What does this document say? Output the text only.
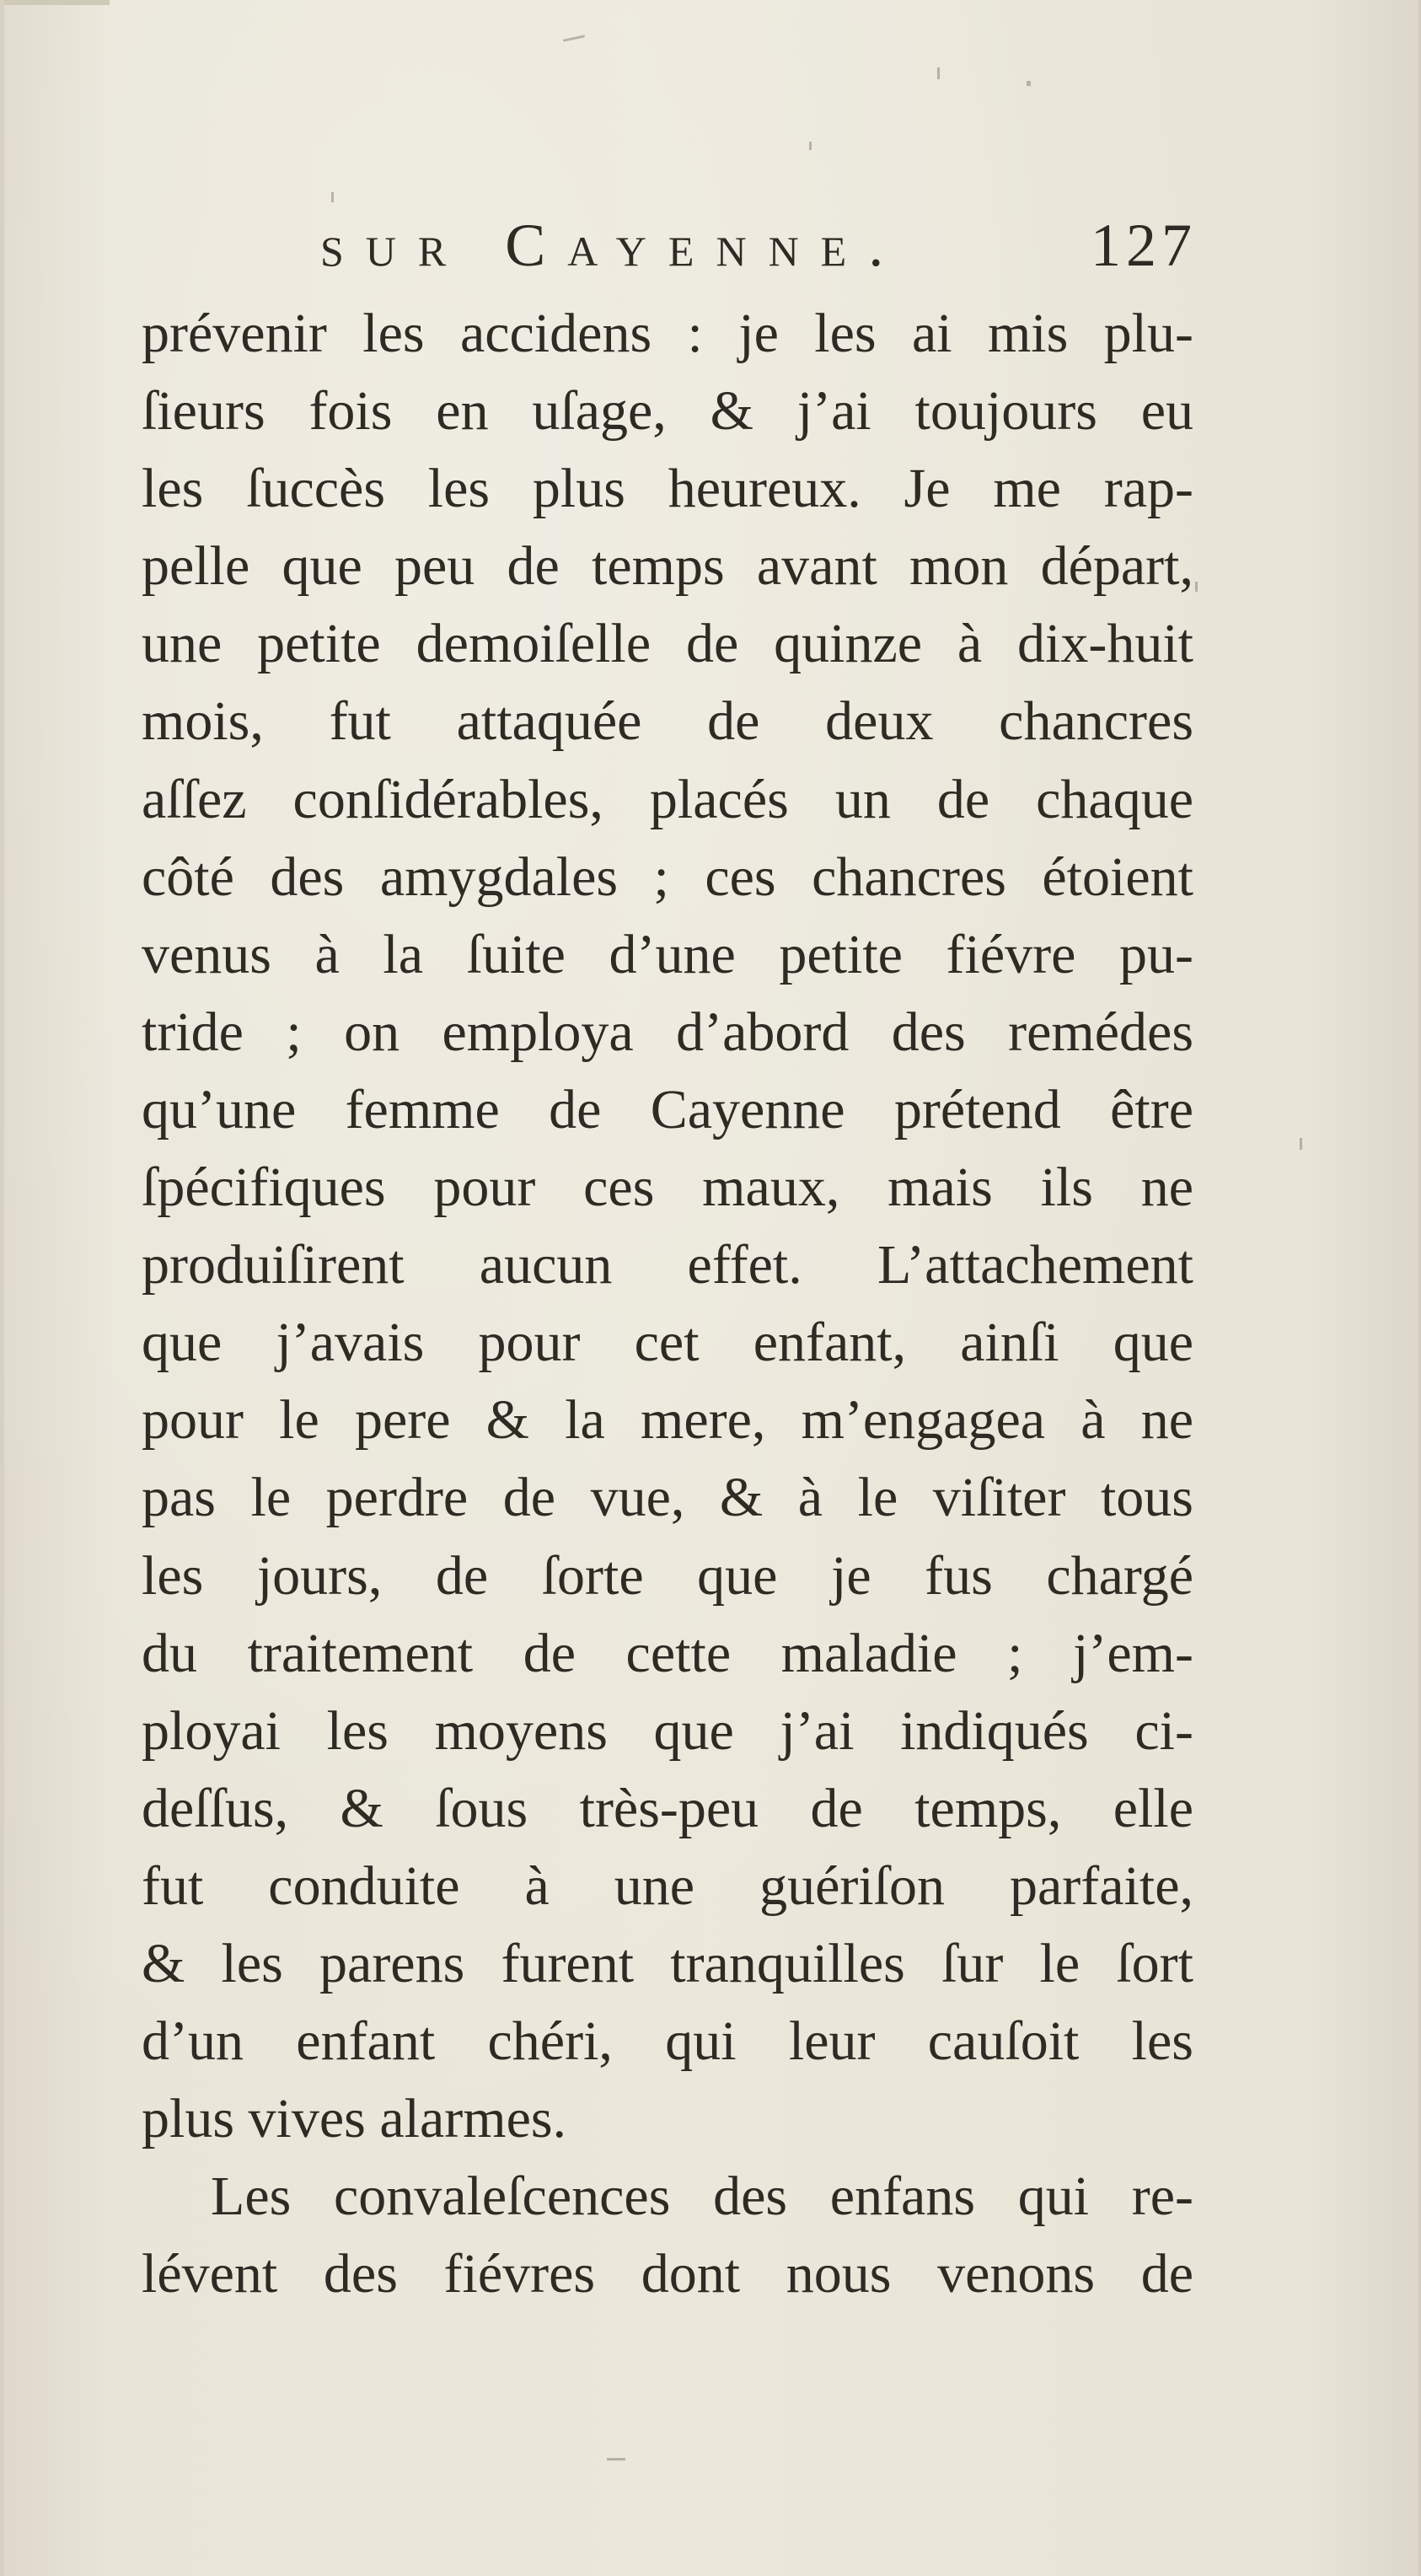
sur Cayenne.	127
prévenir les accidens : je les ai mis plu-
ſieurs fois en uſage, & j’ai toujours eu
les ſuccès les plus heureux. Je me rap-
pelle que peu de temps avant mon départ,
une petite demoiſelle de quinze à dix-huit
mois, fut attaquée de deux chancres
aſſez conſidérables, placés un de chaque
côté des amygdales ; ces chancres étoient
venus à la ſuite d’une petite fiévre pu-
tride ; on employa d’abord des remédes
qu’une femme de Cayenne prétend être
ſpécifiques pour ces maux, mais ils ne
produiſirent aucun effet. L’attachement
que j’avais pour cet enfant, ainſi que
pour le pere & la mere, m’engagea à ne
pas le perdre de vue, & à le viſiter tous
les jours, de ſorte que je fus chargé
du traitement de cette maladie ; j’em-
ployai les moyens que j’ai indiqués ci-
deſſus, & ſous très-peu de temps, elle
fut conduite à une guériſon parfaite,
& les parens furent tranquilles ſur le ſort
d’un enfant chéri, qui leur cauſoit les
plus vives alarmes.
Les convaleſcences des enfans qui re-
lévent des fiévres dont nous venons de
